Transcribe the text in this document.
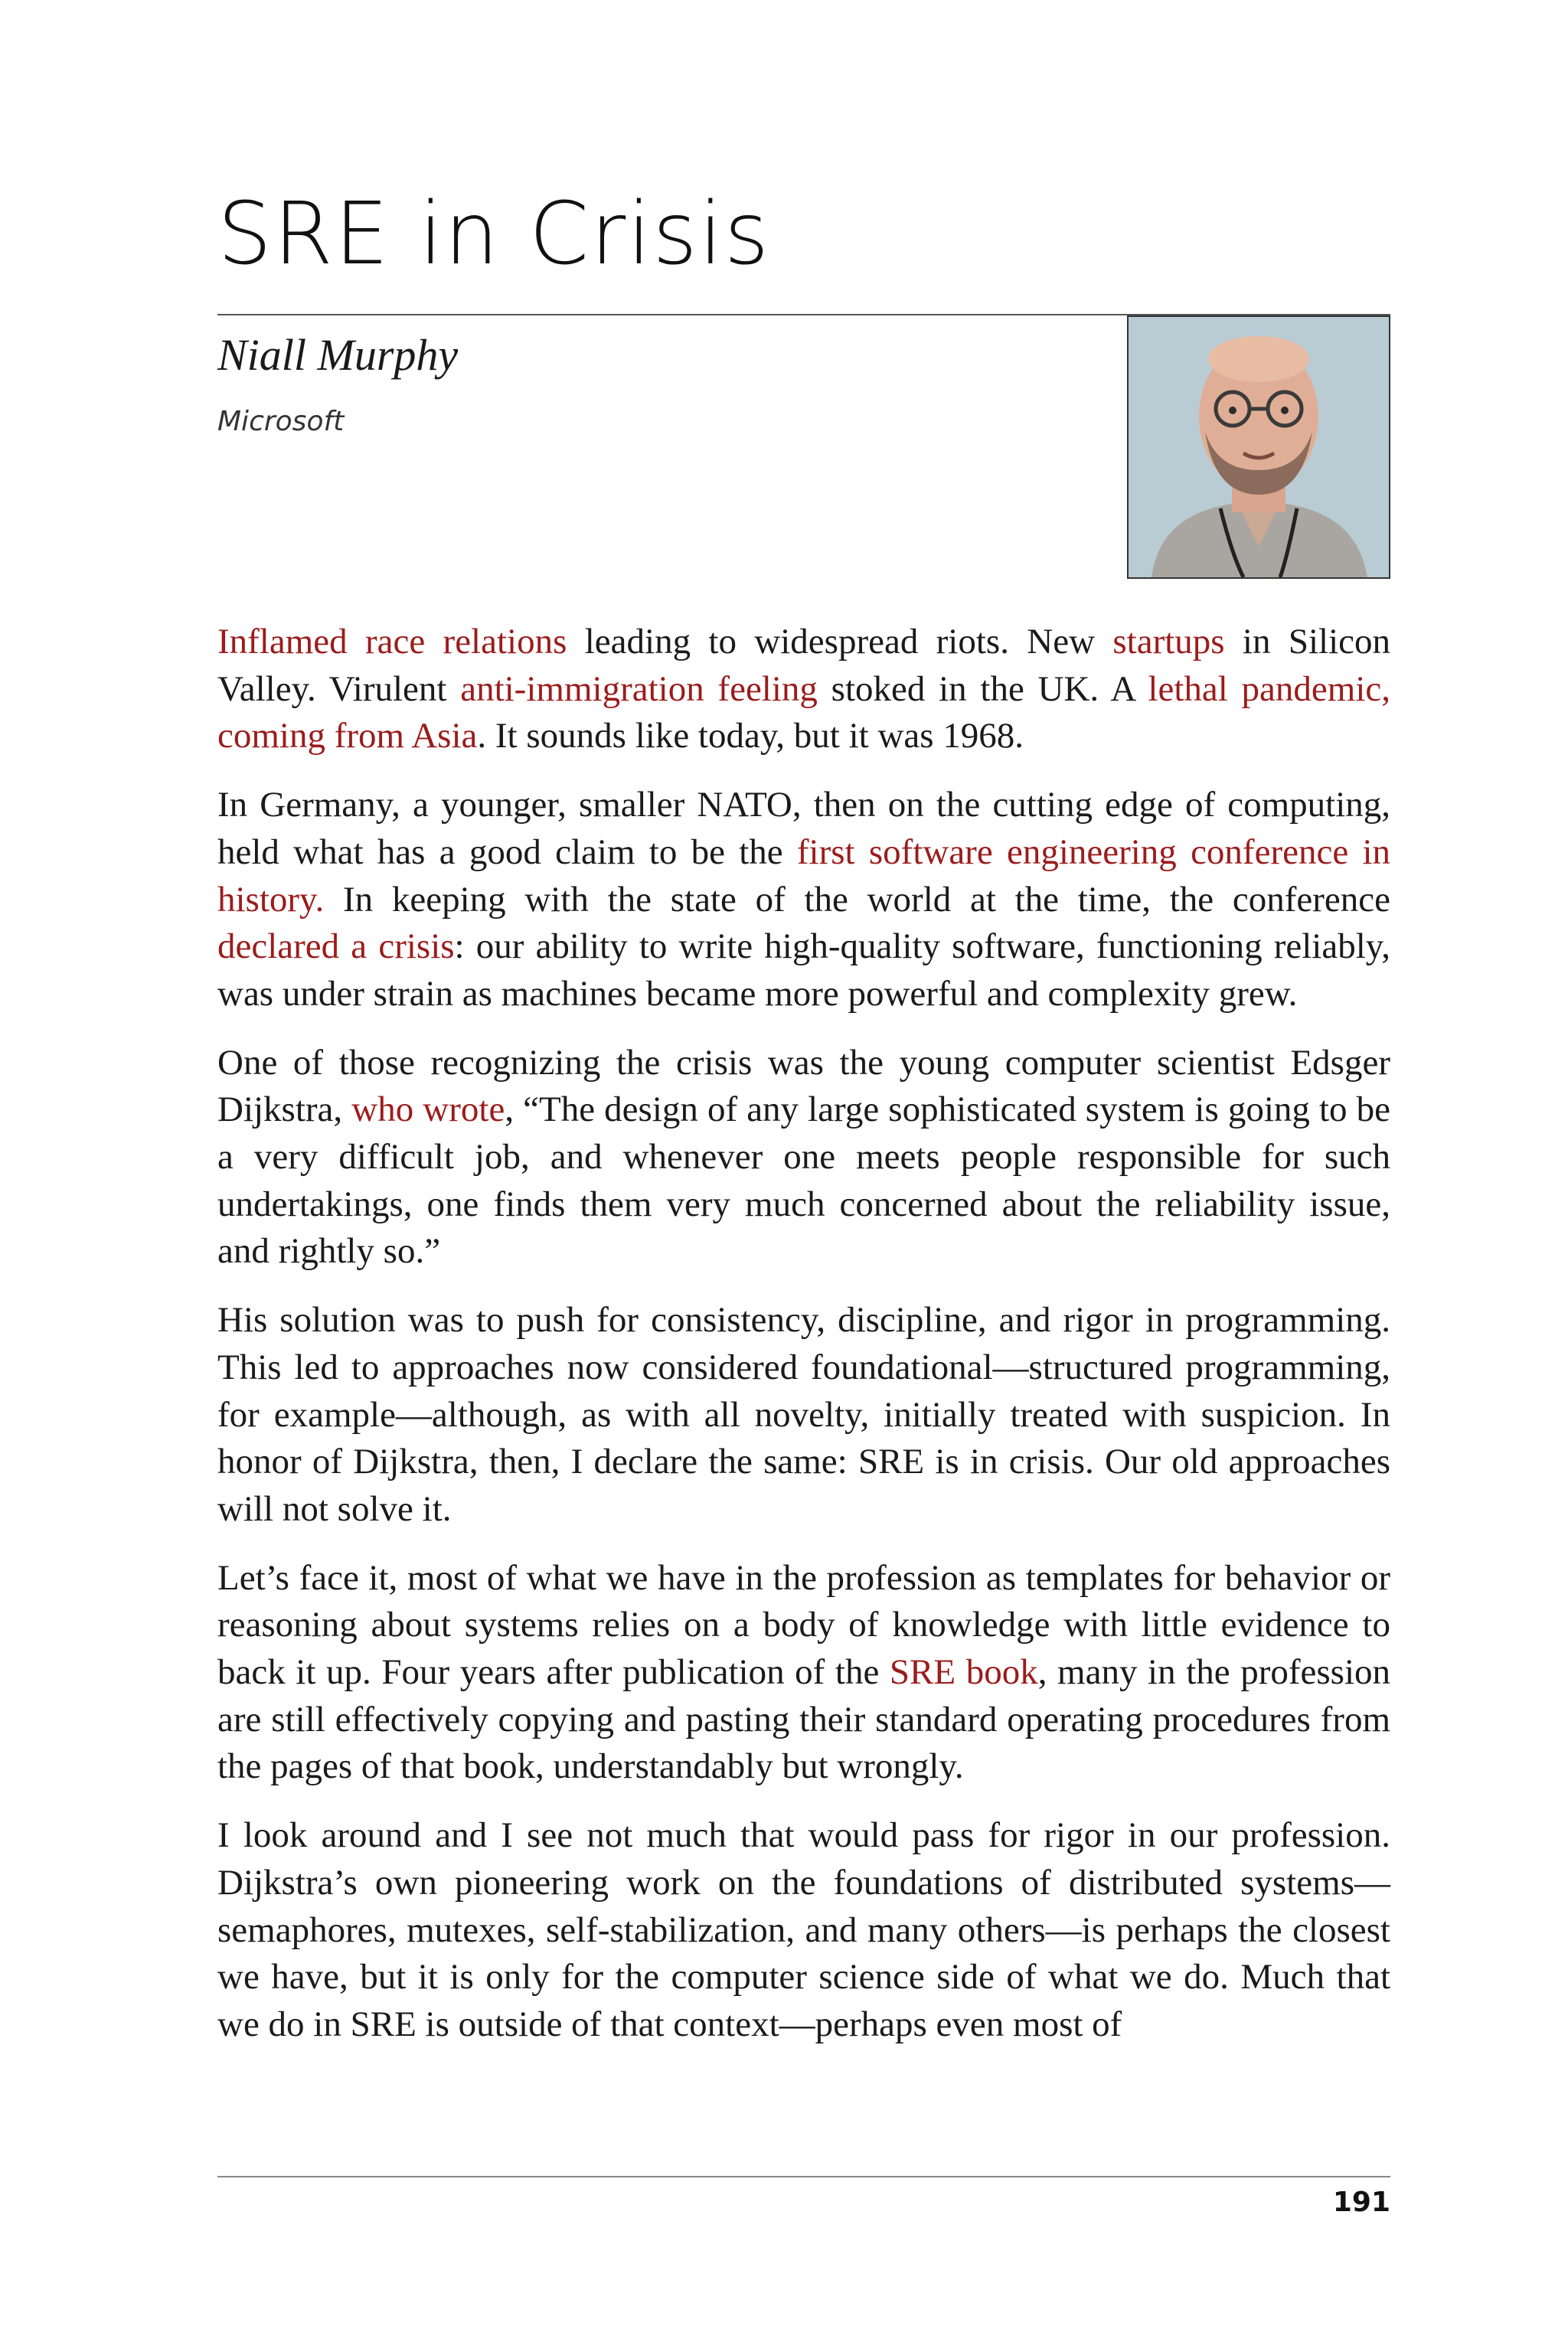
SRE in Crisis
Niall Murphy
Microsoft

Inflamed race relations leading to widespread riots. New startups in Silicon Valley. Virulent anti-immigration feeling stoked in the UK. A lethal pandemic, coming from Asia. It sounds like today, but it was 1968.

In Germany, a younger, smaller NATO, then on the cutting edge of computing, held what has a good claim to be the first software engineering conference in history. In keeping with the state of the world at the time, the conference declared a crisis: our ability to write high-quality software, functioning reliably, was under strain as machines became more powerful and complexity grew.

One of those recognizing the crisis was the young computer scientist Edsger Dijkstra, who wrote, “The design of any large sophisticated system is going to be a very difficult job, and whenever one meets people responsible for such undertakings, one finds them very much concerned about the reliability issue, and rightly so.”

His solution was to push for consistency, discipline, and rigor in programming. This led to approaches now considered foundational—structured programming, for example—although, as with all novelty, initially treated with suspicion. In honor of Dijkstra, then, I declare the same: SRE is in crisis. Our old approaches will not solve it.

Let’s face it, most of what we have in the profession as templates for behavior or reasoning about systems relies on a body of knowledge with little evidence to back it up. Four years after publication of the SRE book, many in the profession are still effectively copying and pasting their standard operating procedures from the pages of that book, understandably but wrongly.

I look around and I see not much that would pass for rigor in our profession. Dijkstra’s own pioneering work on the foundations of distributed systems—semaphores, mutexes, self-stabilization, and many others—is perhaps the closest we have, but it is only for the computer science side of what we do. Much that we do in SRE is outside of that context—perhaps even most of

191
